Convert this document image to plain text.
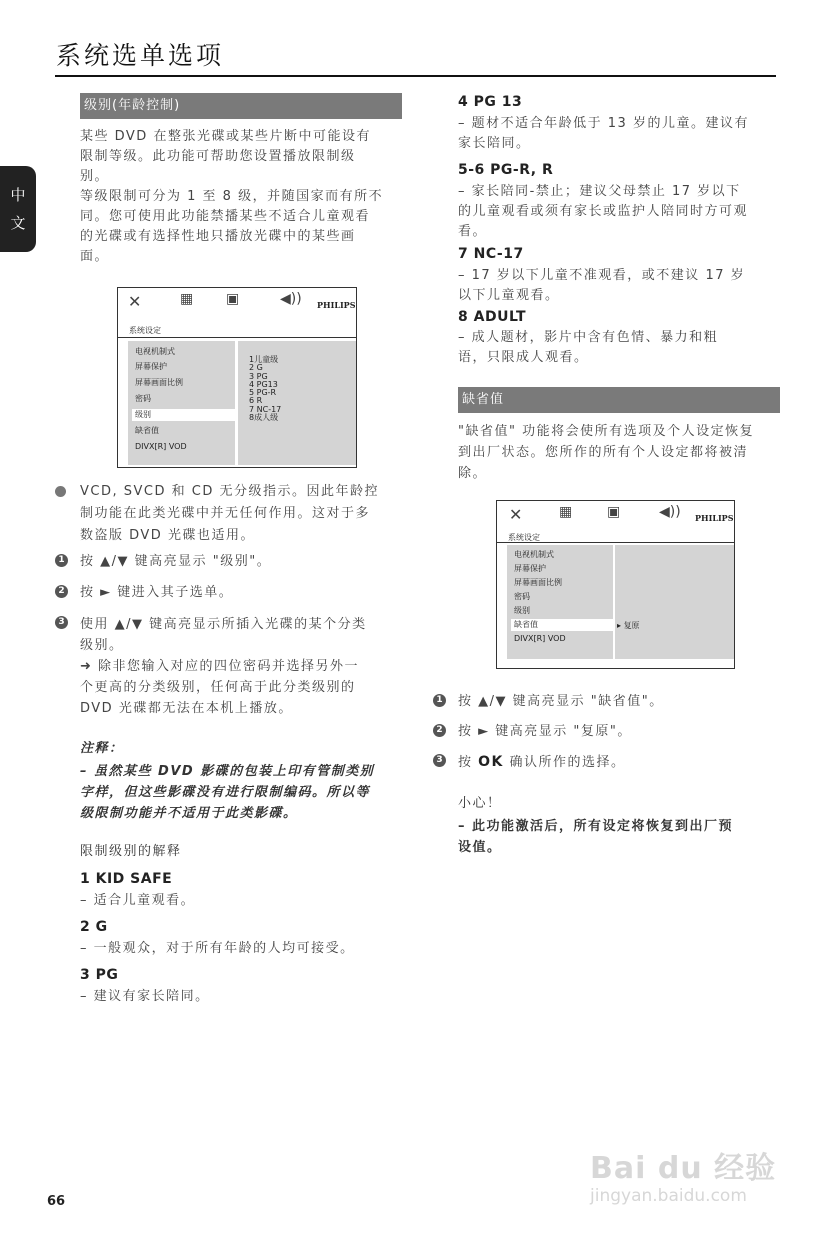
系统选单选项
中
文
级别(年龄控制)
某些 DVD 在整张光碟或某些片断中可能设有
限制等级。此功能可帮助您设置播放限制级
别。
等级限制可分为 1 至 8 级，并随国家而有所不
同。您可使用此功能禁播某些不适合儿童观看
的光碟或有选择性地只播放光碟中的某些画
面。
✕	▦ ▣	◀)) PHILIPS
系统设定
电视机制式
屏幕保护
屏幕画面比例
密码
级别
缺省值
DIVX[R] VOD
1儿童级
2 G
3 PG
4 PG13
5 PG-R
6 R
7 NC-17
8成人级
VCD, SVCD 和 CD 无分级指示。因此年龄控
制功能在此类光碟中并无任何作用。这对于多
数盗版 DVD 光碟也适用。
1 按 ▲/▼ 键高亮显示 "级别"。
2 按 ► 键进入其子选单。
3 使用 ▲/▼ 键高亮显示所插入光碟的某个分类
级别。
➜ 除非您输入对应的四位密码并选择另外一
个更高的分类级别，任何高于此分类级别的
DVD 光碟都无法在本机上播放。
注释：
– 虽然某些 DVD 影碟的包装上印有管制类别
字样，但这些影碟没有进行限制编码。所以等
级限制功能并不适用于此类影碟。
限制级别的解释
1 KID SAFE
– 适合儿童观看。
2 G
– 一般观众，对于所有年龄的人均可接受。
3 PG
– 建议有家长陪同。
4 PG 13
– 题材不适合年龄低于 13 岁的儿童。建议有
家长陪同。
5-6 PG-R, R
– 家长陪同-禁止；建议父母禁止 17 岁以下
的儿童观看或须有家长或监护人陪同时方可观
看。
7 NC-17
– 17 岁以下儿童不准观看，或不建议 17 岁
以下儿童观看。
8 ADULT
– 成人题材，影片中含有色情、暴力和粗
语，只限成人观看。
缺省值
"缺省值" 功能将会使所有选项及个人设定恢复
到出厂状态。您所作的所有个人设定都将被清
除。
✕	▦ ▣	◀)) PHILIPS
系统设定
电视机制式
屏幕保护
屏幕画面比例
密码
级别
缺省值
DIVX[R] VOD
▸ 复原
1 按 ▲/▼ 键高亮显示 "缺省值"。
2 按 ► 键高亮显示 "复原"。
3 按 OK 确认所作的选择。
小心！
– 此功能激活后，所有设定将恢复到出厂预
设值。
66
Bai du 经验
jingyan.baidu.com
